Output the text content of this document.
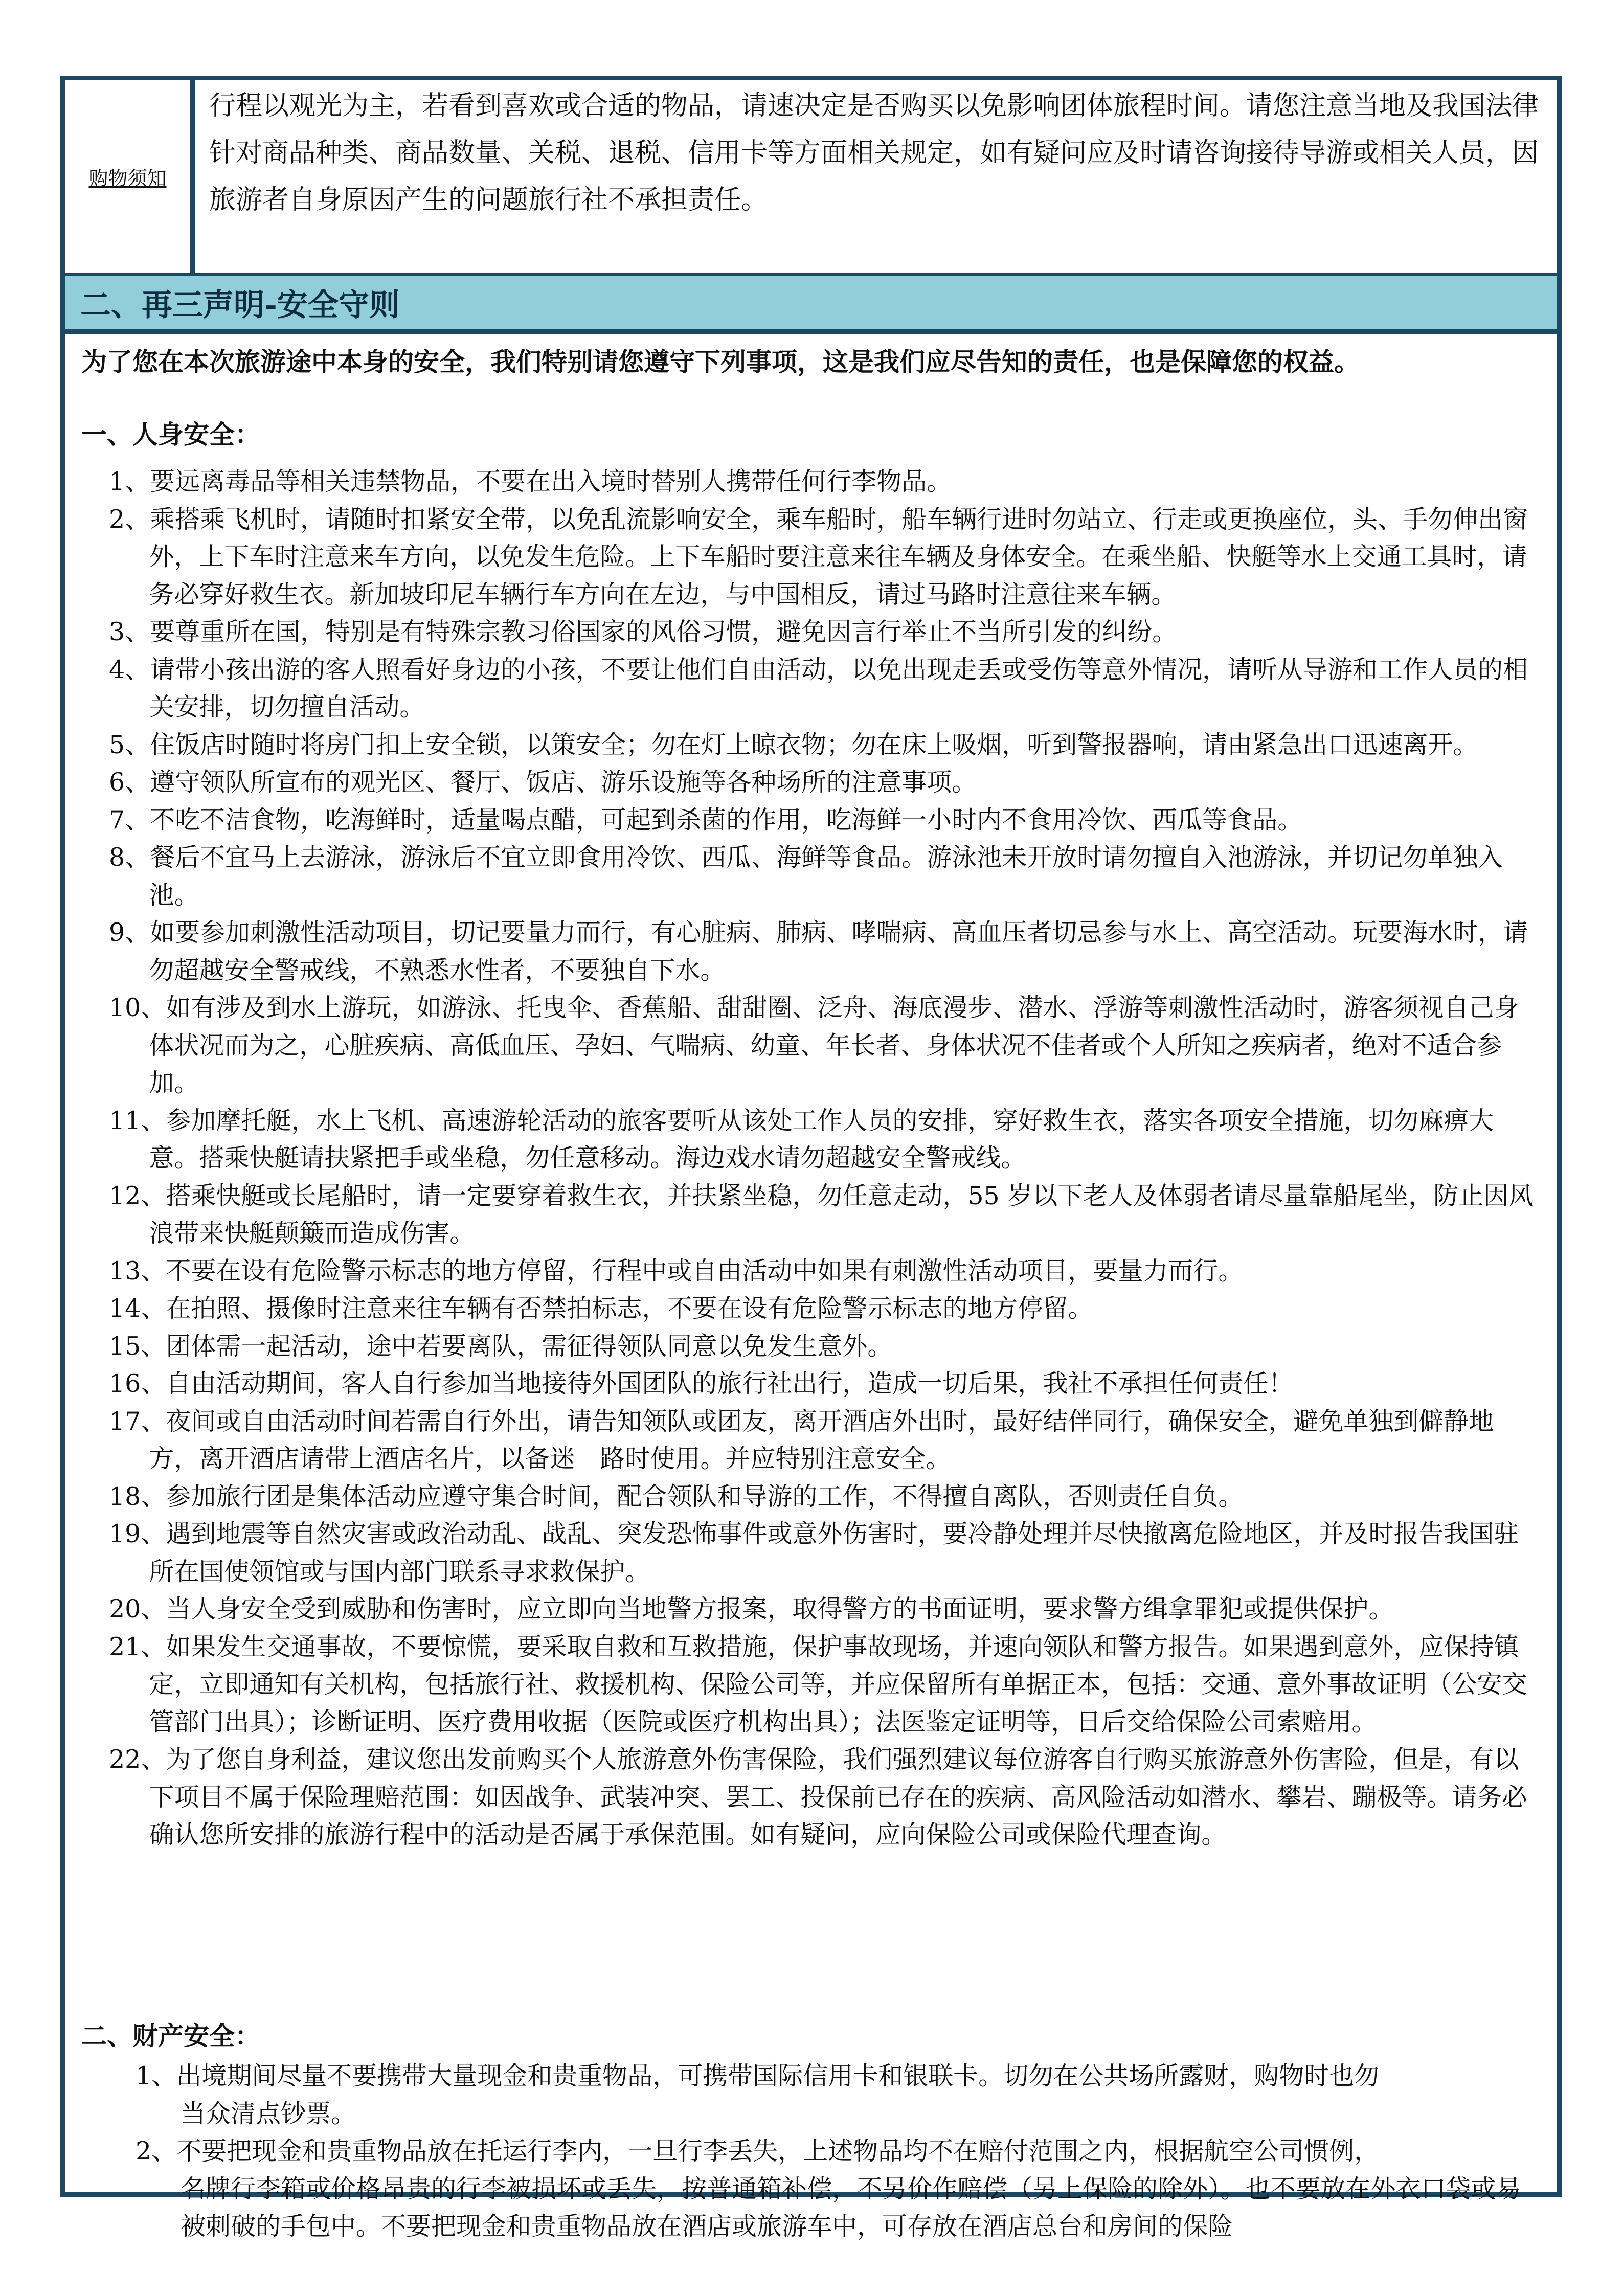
购物须知
行程以观光为主，若看到喜欢或合适的物品，请速决定是否购买以免影响团体旅程时间。请您注意当地及我国法律针对商品种类、商品数量、关税、退税、信用卡等方面相关规定，如有疑问应及时请咨询接待导游或相关人员，因旅游者自身原因产生的问题旅行社不承担责任。
二、再三声明-安全守则
为了您在本次旅游途中本身的安全，我们特别请您遵守下列事项，这是我们应尽告知的责任，也是保障您的权益。
一、人身安全：
1、要远离毒品等相关违禁物品，不要在出入境时替别人携带任何行李物品。
2、乘搭乘飞机时，请随时扣紧安全带，以免乱流影响安全，乘车船时，船车辆行进时勿站立、行走或更换座位，头、手勿伸出窗外，上下车时注意来车方向，以免发生危险。上下车船时要注意来往车辆及身体安全。在乘坐船、快艇等水上交通工具时，请务必穿好救生衣。新加坡印尼车辆行车方向在左边，与中国相反，请过马路时注意往来车辆。
3、要尊重所在国，特别是有特殊宗教习俗国家的风俗习惯，避免因言行举止不当所引发的纠纷。
4、请带小孩出游的客人照看好身边的小孩，不要让他们自由活动，以免出现走丢或受伤等意外情况，请听从导游和工作人员的相关安排，切勿擅自活动。
5、住饭店时随时将房门扣上安全锁，以策安全；勿在灯上晾衣物；勿在床上吸烟，听到警报器响，请由紧急出口迅速离开。
6、遵守领队所宣布的观光区、餐厅、饭店、游乐设施等各种场所的注意事项。
7、不吃不洁食物，吃海鲜时，适量喝点醋，可起到杀菌的作用，吃海鲜一小时内不食用冷饮、西瓜等食品。
8、餐后不宜马上去游泳，游泳后不宜立即食用冷饮、西瓜、海鲜等食品。游泳池未开放时请勿擅自入池游泳，并切记勿单独入池。
9、如要参加刺激性活动项目，切记要量力而行，有心脏病、肺病、哮喘病、高血压者切忌参与水上、高空活动。玩要海水时，请勿超越安全警戒线，不熟悉水性者，不要独自下水。
10、如有涉及到水上游玩，如游泳、托曳伞、香蕉船、甜甜圈、泛舟、海底漫步、潜水、浮游等刺激性活动时，游客须视自己身体状况而为之，心脏疾病、高低血压、孕妇、气喘病、幼童、年长者、身体状况不佳者或个人所知之疾病者，绝对不适合参加。
11、参加摩托艇，水上飞机、高速游轮活动的旅客要听从该处工作人员的安排，穿好救生衣，落实各项安全措施，切勿麻痹大意。搭乘快艇请扶紧把手或坐稳，勿任意移动。海边戏水请勿超越安全警戒线。
12、搭乘快艇或长尾船时，请一定要穿着救生衣，并扶紧坐稳，勿任意走动，55 岁以下老人及体弱者请尽量靠船尾坐，防止因风浪带来快艇颠簸而造成伤害。
13、不要在设有危险警示标志的地方停留，行程中或自由活动中如果有刺激性活动项目，要量力而行。
14、在拍照、摄像时注意来往车辆有否禁拍标志，不要在设有危险警示标志的地方停留。
15、团体需一起活动，途中若要离队，需征得领队同意以免发生意外。
16、自由活动期间，客人自行参加当地接待外国团队的旅行社出行，造成一切后果，我社不承担任何责任！
17、夜间或自由活动时间若需自行外出，请告知领队或团友，离开酒店外出时，最好结伴同行，确保安全，避免单独到僻静地方，离开酒店请带上酒店名片，以备迷　路时使用。并应特别注意安全。
18、参加旅行团是集体活动应遵守集合时间，配合领队和导游的工作，不得擅自离队，否则责任自负。
19、遇到地震等自然灾害或政治动乱、战乱、突发恐怖事件或意外伤害时，要冷静处理并尽快撤离危险地区，并及时报告我国驻所在国使领馆或与国内部门联系寻求救保护。
20、当人身安全受到威胁和伤害时，应立即向当地警方报案，取得警方的书面证明，要求警方缉拿罪犯或提供保护。
21、如果发生交通事故，不要惊慌，要采取自救和互救措施，保护事故现场，并速向领队和警方报告。如果遇到意外，应保持镇定，立即通知有关机构，包括旅行社、救援机构、保险公司等，并应保留所有单据正本，包括：交通、意外事故证明（公安交管部门出具）；诊断证明、医疗费用收据（医院或医疗机构出具）；法医鉴定证明等，日后交给保险公司索赔用。
22、为了您自身利益，建议您出发前购买个人旅游意外伤害保险，我们强烈建议每位游客自行购买旅游意外伤害险，但是，有以下项目不属于保险理赔范围：如因战争、武装冲突、罢工、投保前已存在的疾病、高风险活动如潜水、攀岩、蹦极等。请务必确认您所安排的旅游行程中的活动是否属于承保范围。如有疑问，应向保险公司或保险代理查询。
二、财产安全：
1、出境期间尽量不要携带大量现金和贵重物品，可携带国际信用卡和银联卡。切勿在公共场所露财，购物时也勿
当众清点钞票。
2、不要把现金和贵重物品放在托运行李内，一旦行李丢失，上述物品均不在赔付范围之内，根据航空公司惯例，
名牌行李箱或价格昂贵的行李被损坏或丢失，按普通箱补偿，不另价作赔偿（另上保险的除外）。也不要放在外衣口袋或易被刺破的手包中。不要把现金和贵重物品放在酒店或旅游车中，可存放在酒店总台和房间的保险
